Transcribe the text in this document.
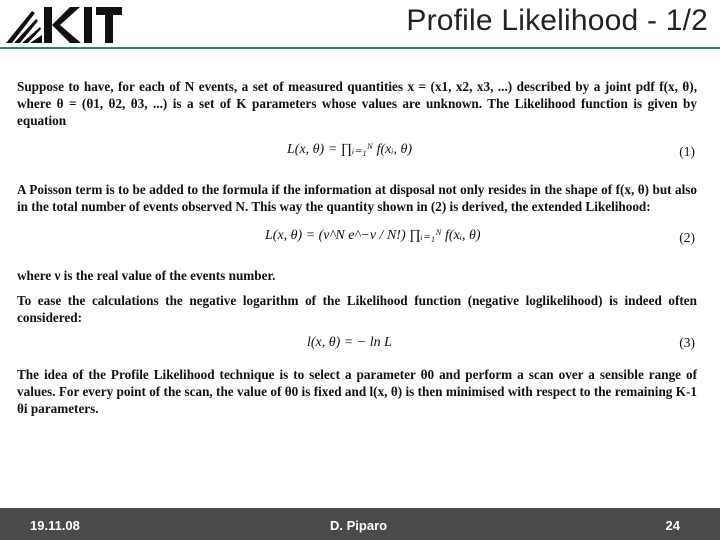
KIT
Profile Likelihood - 1/2

Suppose to have, for each of N events, a set of measured quantities x = (x1, x2, x3, ...) described by a joint pdf f(x, θ), where θ = (θ1, θ2, θ3, ...) is a set of K parameters whose values are unknown. The Likelihood function is given by equation

L(x, θ) = ∏ᵢ₌₁ᴺ f(xᵢ, θ)	(1)

A Poisson term is to be added to the formula if the information at disposal not only resides in the shape of f(x, θ) but also in the total number of events observed N. This way the quantity shown in (2) is derived, the extended Likelihood:

L(x, θ) = (ν^N e^−ν / N!) ∏ᵢ₌₁ᴺ f(xᵢ, θ)	(2)

where ν is the real value of the events number.

To ease the calculations the negative logarithm of the Likelihood function (negative loglikelihood) is indeed often considered:

l(x, θ) = − ln L	(3)

The idea of the Profile Likelihood technique is to select a parameter θ0 and perform a scan over a sensible range of values. For every point of the scan, the value of θ0 is fixed and l(x, θ) is then minimised with respect to the remaining K-1 θi parameters.

19.11.08	D. Piparo	24
